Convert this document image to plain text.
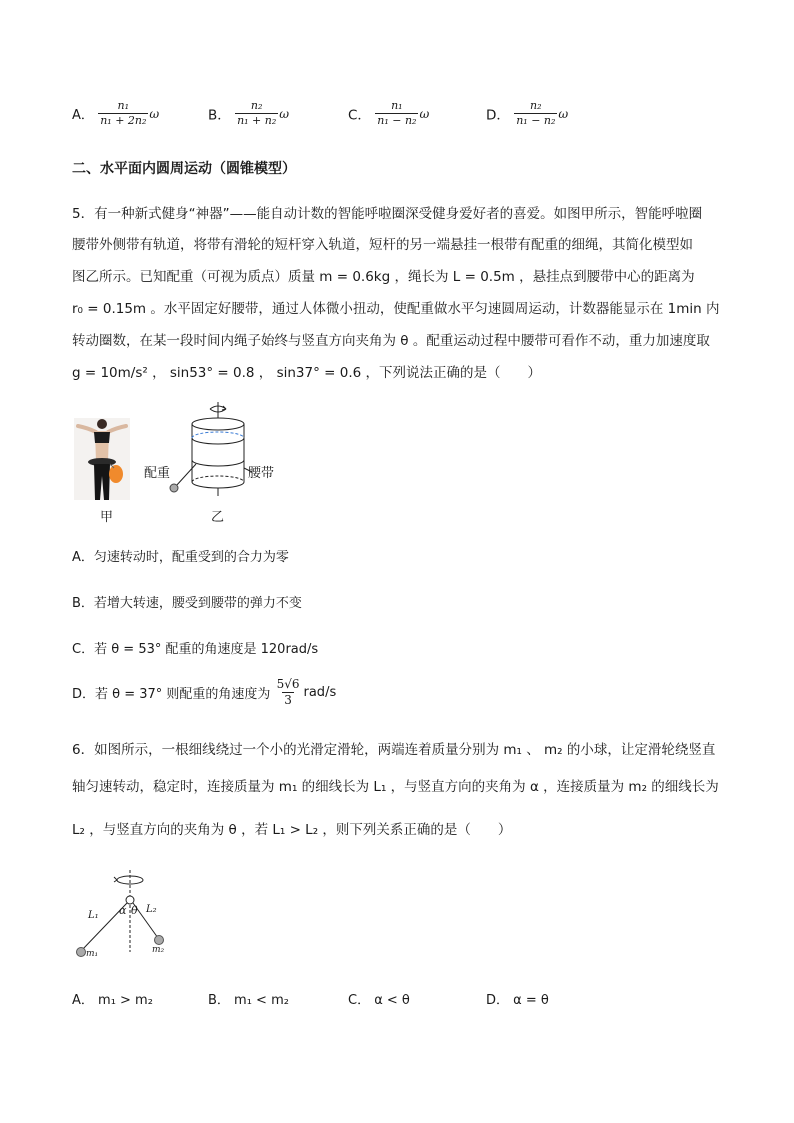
A． $\frac{\text{n₁}}{\text{n₁ + 2n₂}}$ ω	B． $\frac{\text{n₂}}{\text{n₁ + n₂}}$ ω	C． $\frac{\text{n₁}}{\text{n₁ − n₂}}$ ω	D． $\frac{\text{n₂}}{\text{n₁ − n₂}}$ ω
二、水平面内圆周运动（圆锥模型）
5．有一种新式健身“神器”——能自动计数的智能呼啦圈深受健身爱好者的喜爱。如图甲所示，智能呼啦圈
腰带外侧带有轨道，将带有滑轮的短杆穿入轨道，短杆的另一端悬挂一根带有配重的细绳，其简化模型如
图乙所示。已知配重（可视为质点）质量 m = 0.6kg ，绳长为 L = 0.5m ，悬挂点到腰带中心的距离为
r₀ = 0.15m 。水平固定好腰带，通过人体微小扭动，使配重做水平匀速圆周运动，计数器能显示在 1min 内
转动圈数，在某一段时间内绳子始终与竖直方向夹角为 θ 。配重运动过程中腰带可看作不动，重力加速度取
g = 10m/s² ， sin53° = 0.8 ， sin37° = 0.6 ，下列说法正确的是（　　）
甲
配重	腰带
乙
A．匀速转动时，配重受到的合力为零
B．若增大转速，腰受到腰带的弹力不变
C．若 θ = 53° 配重的角速度是 120rad/s
D．若 θ = 37° 则配重的角速度为 $\frac{5√6}{3} rad/s$
6．如图所示，一根细线绕过一个小的光滑定滑轮，两端连着质量分别为 m₁ 、 m₂ 的小球，让定滑轮绕竖直
轴匀速转动，稳定时，连接质量为 m₁ 的细线长为 L₁ ，与竖直方向的夹角为 α ，连接质量为 m₂ 的细线长为
L₂ ，与竖直方向的夹角为 θ ，若 L₁ > L₂ ，则下列关系正确的是（　　）
L₁
L₂
α θ
m₁	m₂
A． m₁ > m₂	B． m₁ < m₂	C． α < θ	D． α = θ
